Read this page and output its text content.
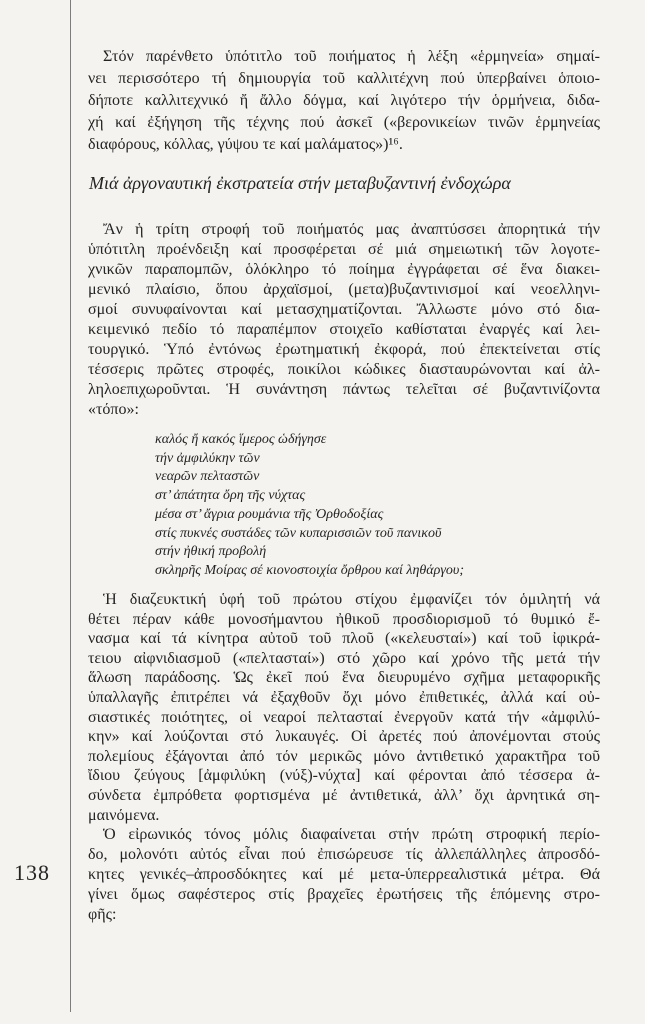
138
Στόν παρένθετο ὑπότιτλο τοῦ ποιήματος ἡ λέξη «ἑρμηνεία» σημαί-
νει περισσότερο τή δημιουργία τοῦ καλλιτέχνη πού ὑπερβαίνει ὁποιο-
δήποτε καλλιτεχνικό ἤ ἄλλο δόγμα, καί λιγότερο τήν ὁρμήνεια, διδα-
χή καί ἐξήγηση τῆς τέχνης πού ἀσκεῖ («βερονικείων τινῶν ἑρμηνείας
διαφόρους, κόλλας, γύψου τε καί μαλάματος»)¹⁶.
Μιά ἀργοναυτική ἐκστρατεία στήν μεταβυζαντινή ἐνδοχώρα
Ἄν ἡ τρίτη στροφή τοῦ ποιήματός μας ἀναπτύσσει ἀπορητικά τήν
ὑπότιτλη προένδειξη καί προσφέρεται σέ μιά σημειωτική τῶν λογοτε-
χνικῶν παραπομπῶν, ὁλόκληρο τό ποίημα ἐγγράφεται σέ ἕνα διακει-
μενικό πλαίσιο, ὅπου ἀρχαϊσμοί, (μετα)βυζαντινισμοί καί νεοελληνι-
σμοί συνυφαίνονται καί μετασχηματίζονται. Ἄλλωστε μόνο στό δια-
κειμενικό πεδίο τό παραπέμπον στοιχεῖο καθίσταται ἐναργές καί λει-
τουργικό. Ὑπό ἐντόνως ἐρωτηματική ἐκφορά, πού ἐπεκτείνεται στίς
τέσσερις πρῶτες στροφές, ποικίλοι κώδικες διασταυρώνονται καί ἀλ-
ληλοεπιχωροῦνται. Ἡ συνάντηση πάντως τελεῖται σέ βυζαντινίζοντα
«τόπο»:
καλός ἤ κακός ἵμερος ὡδήγησε
τήν ἀμφιλύκην τῶν
νεαρῶν πελταστῶν
στ’ ἀπάτητα ὄρη τῆς νύχτας
μέσα στ’ ἄγρια ρουμάνια τῆς Ὀρθοδοξίας
στίς πυκνές συστάδες τῶν κυπαρισσιῶν τοῦ πανικοῦ
στήν ἠθική προβολή
σκληρῆς Μοίρας σέ κιονοστοιχία ὄρθρου καί ληθάργου;
Ἡ διαζευκτική ὑφή τοῦ πρώτου στίχου ἐμφανίζει τόν ὁμιλητή νά
θέτει πέραν κάθε μονοσήμαντου ἠθικοῦ προσδιορισμοῦ τό θυμικό ἔ-
νασμα καί τά κίνητρα αὐτοῦ τοῦ πλοῦ («κελευσταί») καί τοῦ ἰφικρά-
τειου αἰφνιδιασμοῦ («πελτασταί») στό χῶρο καί χρόνο τῆς μετά τήν
ἅλωση παράδοσης. Ὡς ἐκεῖ πού ἕνα διευρυμένο σχῆμα μεταφορικῆς
ὑπαλλαγῆς ἐπιτρέπει νά ἐξαχθοῦν ὄχι μόνο ἐπιθετικές, ἀλλά καί οὐ-
σιαστικές ποιότητες, οἱ νεαροί πελτασταί ἐνεργοῦν κατά τήν «ἀμφιλύ-
κην» καί λούζονται στό λυκαυγές. Οἱ ἀρετές πού ἀπονέμονται στούς
πολεμίους ἐξάγονται ἀπό τόν μερικῶς μόνο ἀντιθετικό χαρακτῆρα τοῦ
ἴδιου ζεύγους [ἀμφιλύκη (νύξ)-νύχτα] καί φέρονται ἀπό τέσσερα ἀ-
σύνδετα ἐμπρόθετα φορτισμένα μέ ἀντιθετικά, ἀλλ’ ὄχι ἀρνητικά ση-
μαινόμενα.
Ὁ εἰρωνικός τόνος μόλις διαφαίνεται στήν πρώτη στροφική περίο-
δο, μολονότι αὐτός εἶναι πού ἐπισώρευσε τίς ἀλλεπάλληλες ἀπροσδό-
κητες γενικές–ἀπροσδόκητες καί μέ μετα-ὑπερρεαλιστικά μέτρα. Θά
γίνει ὅμως σαφέστερος στίς βραχεῖες ἐρωτήσεις τῆς ἑπόμενης στρο-
φῆς:
